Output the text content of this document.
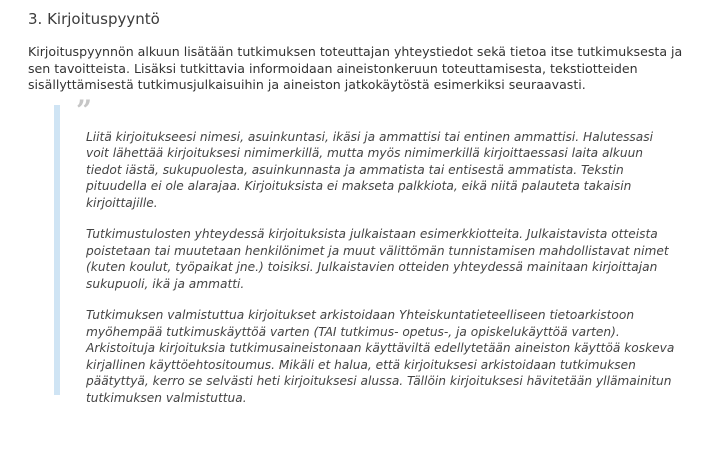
3. Kirjoituspyyntö

Kirjoituspyynnön alkuun lisätään tutkimuksen toteuttajan yhteystiedot sekä tietoa itse tutkimuksesta ja sen tavoitteista. Lisäksi tutkittavia informoidaan aineistonkeruun toteuttamisesta, tekstiotteiden sisällyttämisestä tutkimusjulkaisuihin ja aineiston jatkokäytöstä esimerkiksi seuraavasti.

”

Liitä kirjoitukseesi nimesi, asuinkuntasi, ikäsi ja ammattisi tai entinen ammattisi. Halutessasi voit lähettää kirjoituksesi nimimerkillä, mutta myös nimimerkillä kirjoittaessasi laita alkuun tiedot iästä, sukupuolesta, asuinkunnasta ja ammatista tai entisestä ammatista. Tekstin pituudella ei ole alarajaa. Kirjoituksista ei makseta palkkiota, eikä niitä palauteta takaisin kirjoittajille.

Tutkimustulosten yhteydessä kirjoituksista julkaistaan esimerkkiotteita. Julkaistavista otteista poistetaan tai muutetaan henkilönimet ja muut välittömän tunnistamisen mahdollistavat nimet (kuten koulut, työpaikat jne.) toisiksi. Julkaistavien otteiden yhteydessä mainitaan kirjoittajan sukupuoli, ikä ja ammatti.

Tutkimuksen valmistuttua kirjoitukset arkistoidaan Yhteiskuntatieteelliseen tietoarkistoon myöhempää tutkimuskäyttöä varten (TAI tutkimus- opetus-, ja opiskelukäyttöä varten). Arkistoituja kirjoituksia tutkimusaineistonaan käyttäviltä edellytetään aineiston käyttöä koskeva kirjallinen käyttöehtositoumus. Mikäli et halua, että kirjoituksesi arkistoidaan tutkimuksen päätyttyä, kerro se selvästi heti kirjoituksesi alussa. Tällöin kirjoituksesi hävitetään yllämainitun tutkimuksen valmistuttua.
